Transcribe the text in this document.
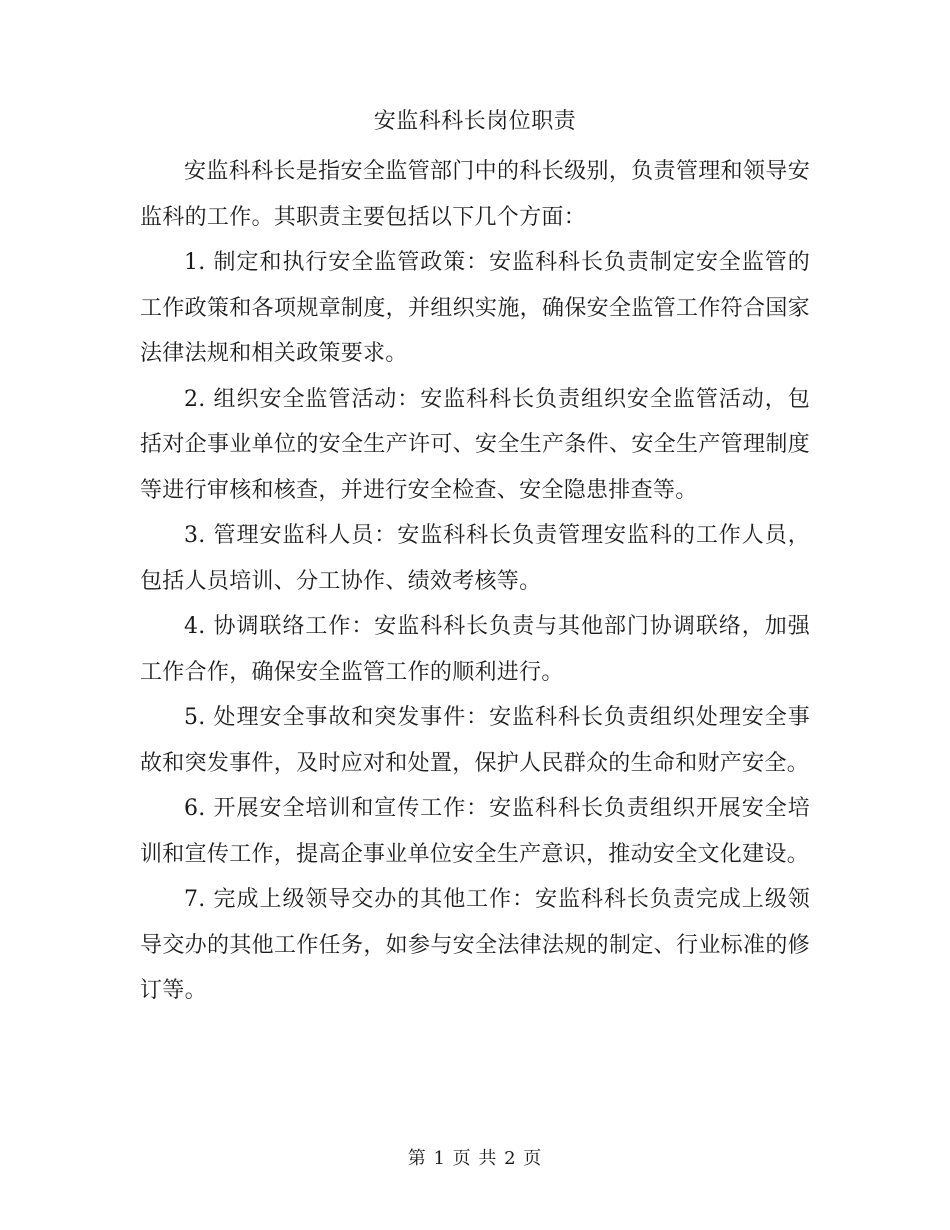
安监科科长岗位职责

安监科科长是指安全监管部门中的科长级别，负责管理和领导安监科的工作。其职责主要包括以下几个方面：

1. 制定和执行安全监管政策：安监科科长负责制定安全监管的工作政策和各项规章制度，并组织实施，确保安全监管工作符合国家法律法规和相关政策要求。

2. 组织安全监管活动：安监科科长负责组织安全监管活动，包括对企事业单位的安全生产许可、安全生产条件、安全生产管理制度等进行审核和核查，并进行安全检查、安全隐患排查等。

3. 管理安监科人员：安监科科长负责管理安监科的工作人员，包括人员培训、分工协作、绩效考核等。

4. 协调联络工作：安监科科长负责与其他部门协调联络，加强工作合作，确保安全监管工作的顺利进行。

5. 处理安全事故和突发事件：安监科科长负责组织处理安全事故和突发事件，及时应对和处置，保护人民群众的生命和财产安全。

6. 开展安全培训和宣传工作：安监科科长负责组织开展安全培训和宣传工作，提高企事业单位安全生产意识，推动安全文化建设。

7. 完成上级领导交办的其他工作：安监科科长负责完成上级领导交办的其他工作任务，如参与安全法律法规的制定、行业标准的修订等。

第 1 页 共 2 页
